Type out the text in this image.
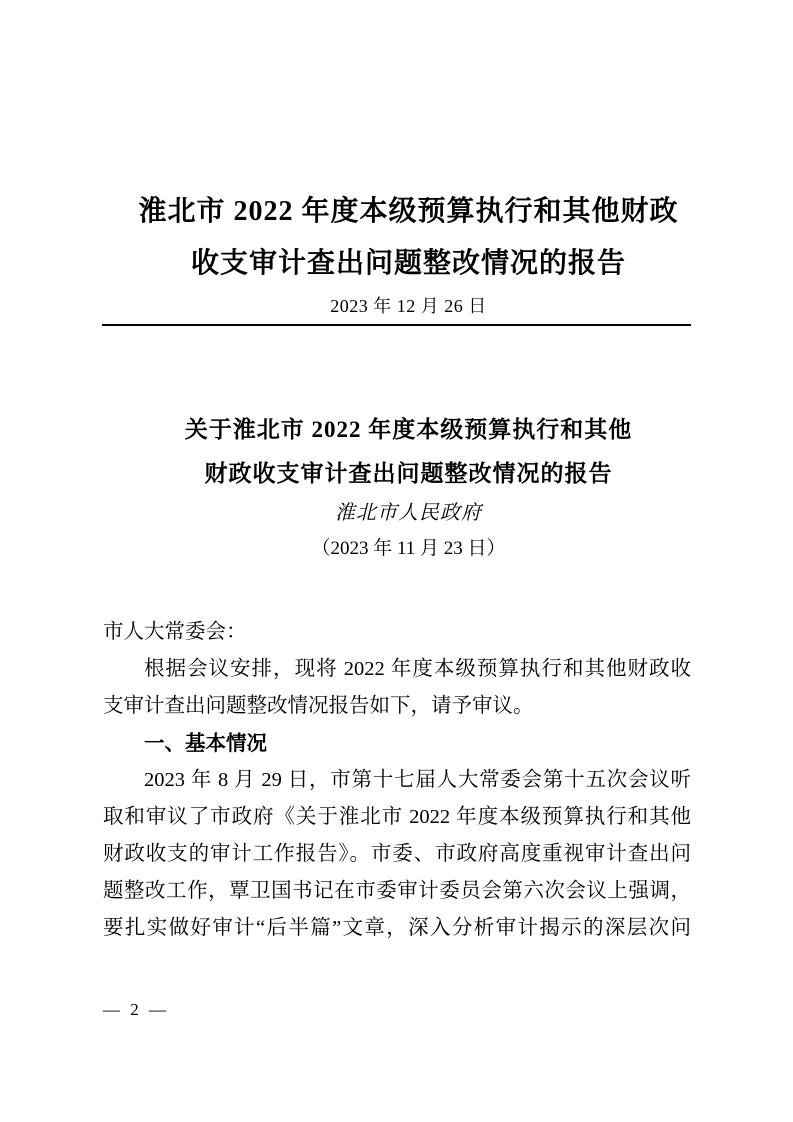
淮北市 2022 年度本级预算执行和其他财政
收支审计查出问题整改情况的报告
2023 年 12 月 26 日
关于淮北市 2022 年度本级预算执行和其他
财政收支审计查出问题整改情况的报告
淮北市人民政府
（2023 年 11 月 23 日）

市人大常委会：

根据会议安排，现将 2022 年度本级预算执行和其他财政收

支审计查出问题整改情况报告如下，请予审议。

一、基本情况

2023 年 8 月 29 日，市第十七届人大常委会第十五次会议听

取和审议了市政府《关于淮北市 2022 年度本级预算执行和其他

财政收支的审计工作报告》。市委、市政府高度重视审计查出问

题整改工作，覃卫国书记在市委审计委员会第六次会议上强调，

要扎实做好审计“后半篇”文章，深入分析审计揭示的深层次问

— 2 —
